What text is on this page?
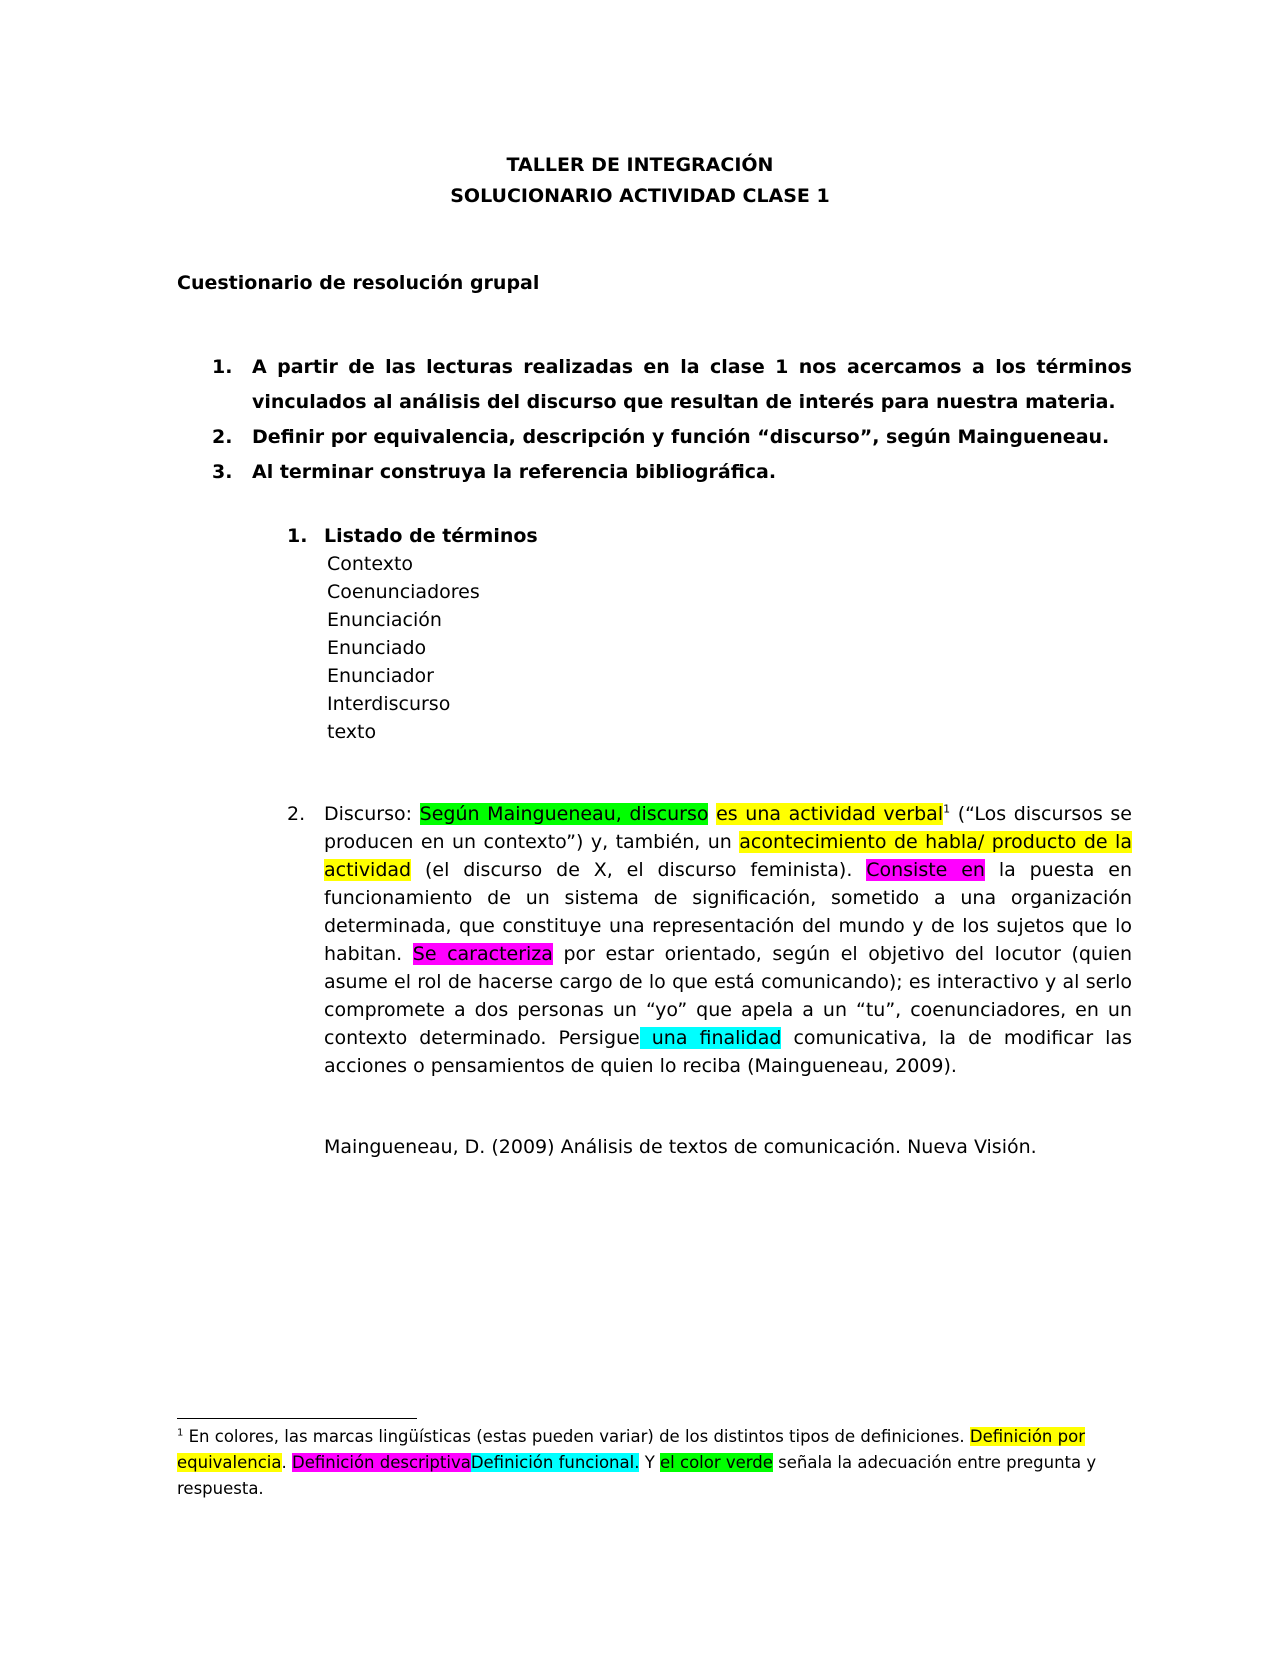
TALLER DE INTEGRACIÓN
SOLUCIONARIO ACTIVIDAD CLASE 1
Cuestionario de resolución grupal
1. A partir de las lecturas realizadas en la clase 1 nos acercamos a los términos vinculados al análisis del discurso que resultan de interés para nuestra materia.
2. Definir por equivalencia, descripción y función “discurso”, según Maingueneau.
3. Al terminar construya la referencia bibliográfica.
1. Listado de términos
Contexto
Coenunciadores
Enunciación
Enunciado
Enunciador
Interdiscurso
texto
2. Discurso: Según Maingueneau, discurso es una actividad verbal$^1$ (“Los discursos se producen en un contexto”) y, también, un acontecimiento de habla/ producto de la actividad (el discurso de X, el discurso feminista). Consiste en la puesta en funcionamiento de un sistema de significación, sometido a una organización determinada, que constituye una representación del mundo y de los sujetos que lo habitan. Se caracteriza por estar orientado, según el objetivo del locutor (quien asume el rol de hacerse cargo de lo que está comunicando); es interactivo y al serlo compromete a dos personas un “yo” que apela a un “tu”, coenunciadores, en un contexto determinado. Persigue una finalidad comunicativa, la de modificar las acciones o pensamientos de quien lo reciba (Maingueneau, 2009).
Maingueneau, D. (2009) Análisis de textos de comunicación. Nueva Visión.
$^1$ En colores, las marcas lingüísticas (estas pueden variar) de los distintos tipos de definiciones. Definición por equivalencia. Definición descriptivaDefinición funcional. Y el color verde señala la adecuación entre pregunta y respuesta.
